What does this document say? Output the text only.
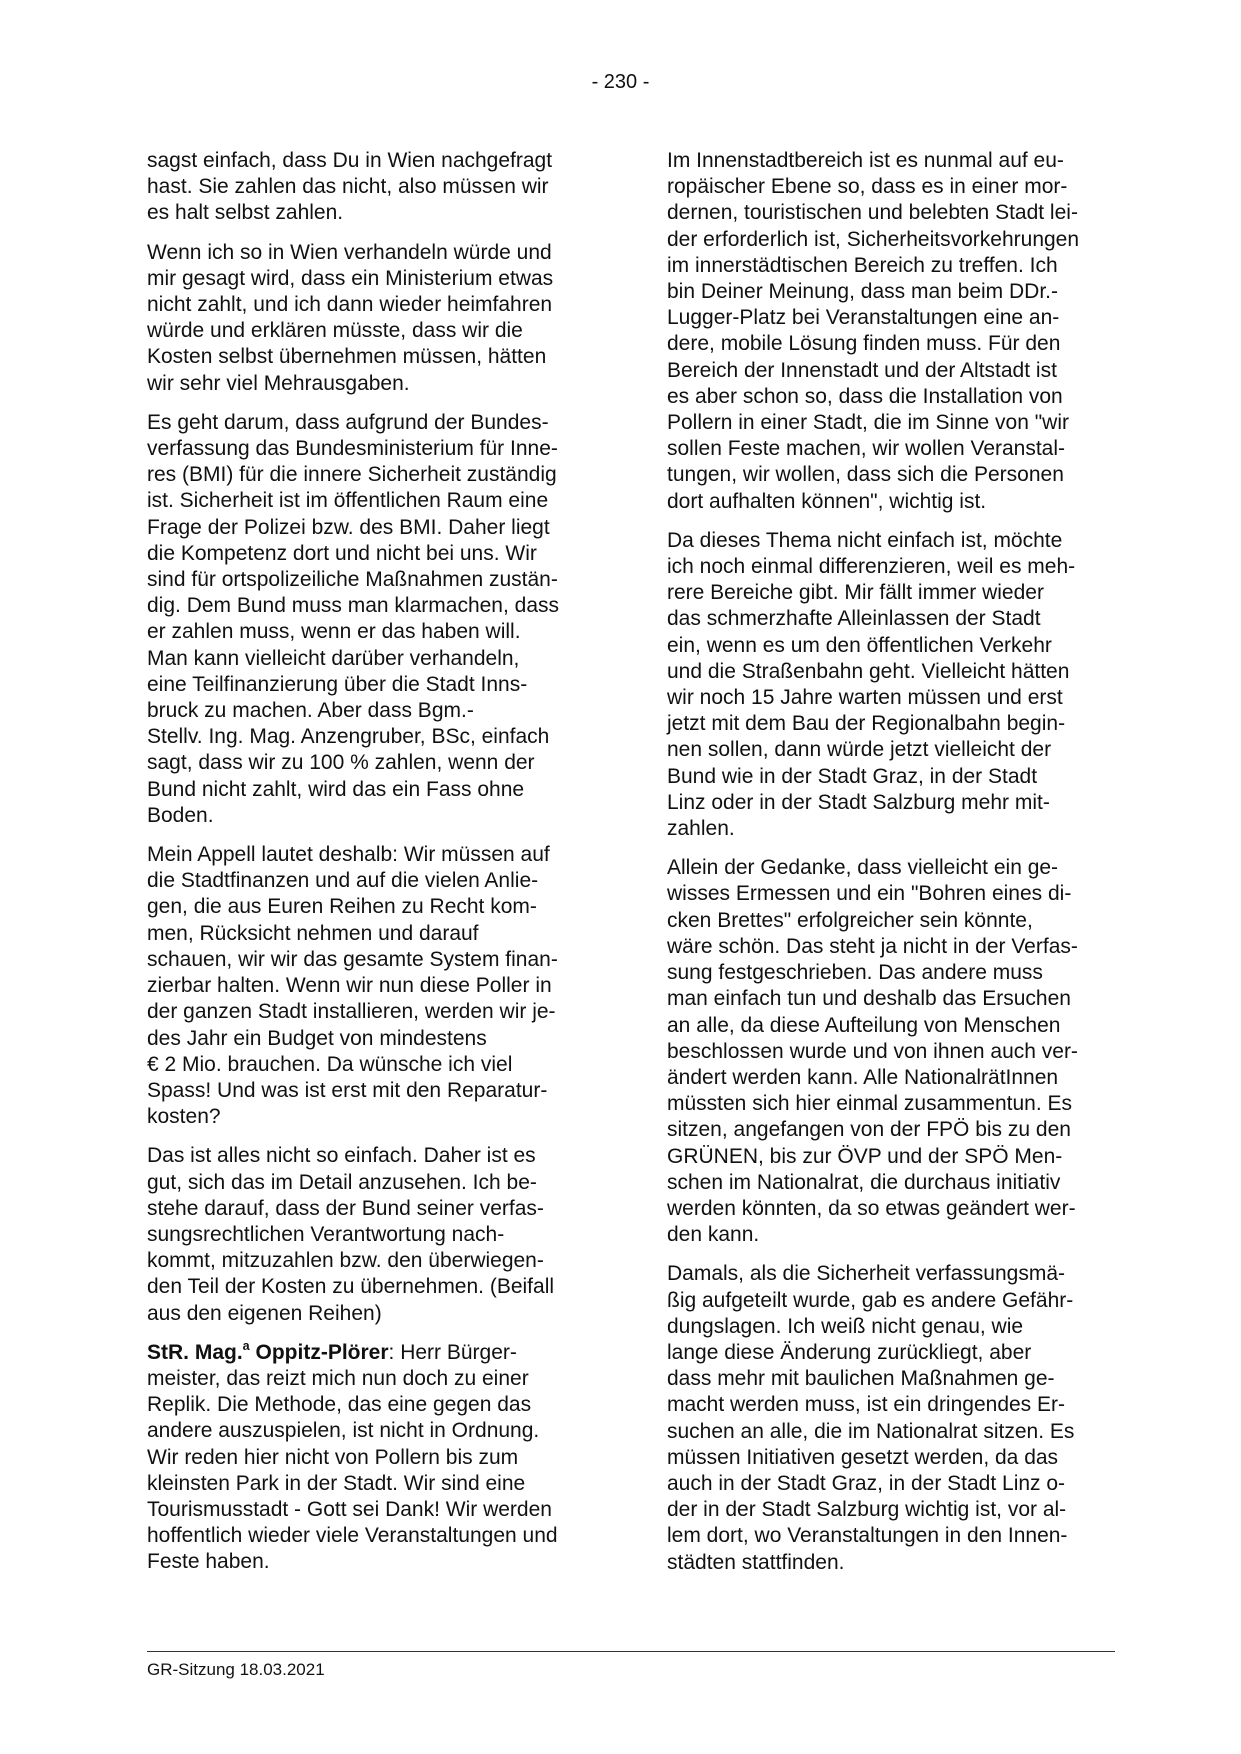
- 230 -

sagst einfach, dass Du in Wien nachgefragt
hast. Sie zahlen das nicht, also müssen wir
es halt selbst zahlen.

Wenn ich so in Wien verhandeln würde und
mir gesagt wird, dass ein Ministerium etwas
nicht zahlt, und ich dann wieder heimfahren
würde und erklären müsste, dass wir die
Kosten selbst übernehmen müssen, hätten
wir sehr viel Mehrausgaben.

Es geht darum, dass aufgrund der Bundes-
verfassung das Bundesministerium für Inne-
res (BMI) für die innere Sicherheit zuständig
ist. Sicherheit ist im öffentlichen Raum eine
Frage der Polizei bzw. des BMI. Daher liegt
die Kompetenz dort und nicht bei uns. Wir
sind für ortspolizeiliche Maßnahmen zustän-
dig. Dem Bund muss man klarmachen, dass
er zahlen muss, wenn er das haben will.
Man kann vielleicht darüber verhandeln,
eine Teilfinanzierung über die Stadt Inns-
bruck zu machen. Aber dass Bgm.-
Stellv. Ing. Mag. Anzengruber, BSc, einfach
sagt, dass wir zu 100 % zahlen, wenn der
Bund nicht zahlt, wird das ein Fass ohne
Boden.

Mein Appell lautet deshalb: Wir müssen auf
die Stadtfinanzen und auf die vielen Anlie-
gen, die aus Euren Reihen zu Recht kom-
men, Rücksicht nehmen und darauf
schauen, wir wir das gesamte System finan-
zierbar halten. Wenn wir nun diese Poller in
der ganzen Stadt installieren, werden wir je-
des Jahr ein Budget von mindestens
€ 2 Mio. brauchen. Da wünsche ich viel
Spass! Und was ist erst mit den Reparatur-
kosten?

Das ist alles nicht so einfach. Daher ist es
gut, sich das im Detail anzusehen. Ich be-
stehe darauf, dass der Bund seiner verfas-
sungsrechtlichen Verantwortung nach-
kommt, mitzuzahlen bzw. den überwiegen-
den Teil der Kosten zu übernehmen. (Beifall
aus den eigenen Reihen)

StR. Mag.$^a$ Oppitz-Plörer: Herr Bürger-
meister, das reizt mich nun doch zu einer
Replik. Die Methode, das eine gegen das
andere auszuspielen, ist nicht in Ordnung.
Wir reden hier nicht von Pollern bis zum
kleinsten Park in der Stadt. Wir sind eine
Tourismusstadt - Gott sei Dank! Wir werden
hoffentlich wieder viele Veranstaltungen und
Feste haben.

Im Innenstadtbereich ist es nunmal auf eu-
ropäischer Ebene so, dass es in einer mor-
dernen, touristischen und belebten Stadt lei-
der erforderlich ist, Sicherheitsvorkehrungen
im innerstädtischen Bereich zu treffen. Ich
bin Deiner Meinung, dass man beim DDr.-
Lugger-Platz bei Veranstaltungen eine an-
dere, mobile Lösung finden muss. Für den
Bereich der Innenstadt und der Altstadt ist
es aber schon so, dass die Installation von
Pollern in einer Stadt, die im Sinne von "wir
sollen Feste machen, wir wollen Veranstal-
tungen, wir wollen, dass sich die Personen
dort aufhalten können", wichtig ist.

Da dieses Thema nicht einfach ist, möchte
ich noch einmal differenzieren, weil es meh-
rere Bereiche gibt. Mir fällt immer wieder
das schmerzhafte Alleinlassen der Stadt
ein, wenn es um den öffentlichen Verkehr
und die Straßenbahn geht. Vielleicht hätten
wir noch 15 Jahre warten müssen und erst
jetzt mit dem Bau der Regionalbahn begin-
nen sollen, dann würde jetzt vielleicht der
Bund wie in der Stadt Graz, in der Stadt
Linz oder in der Stadt Salzburg mehr mit-
zahlen.

Allein der Gedanke, dass vielleicht ein ge-
wisses Ermessen und ein "Bohren eines di-
cken Brettes" erfolgreicher sein könnte,
wäre schön. Das steht ja nicht in der Verfas-
sung festgeschrieben. Das andere muss
man einfach tun und deshalb das Ersuchen
an alle, da diese Aufteilung von Menschen
beschlossen wurde und von ihnen auch ver-
ändert werden kann. Alle NationalrätInnen
müssten sich hier einmal zusammentun. Es
sitzen, angefangen von der FPÖ bis zu den
GRÜNEN, bis zur ÖVP und der SPÖ Men-
schen im Nationalrat, die durchaus initiativ
werden könnten, da so etwas geändert wer-
den kann.

Damals, als die Sicherheit verfassungsmä-
ßig aufgeteilt wurde, gab es andere Gefähr-
dungslagen. Ich weiß nicht genau, wie
lange diese Änderung zurückliegt, aber
dass mehr mit baulichen Maßnahmen ge-
macht werden muss, ist ein dringendes Er-
suchen an alle, die im Nationalrat sitzen. Es
müssen Initiativen gesetzt werden, da das
auch in der Stadt Graz, in der Stadt Linz o-
der in der Stadt Salzburg wichtig ist, vor al-
lem dort, wo Veranstaltungen in den Innen-
städten stattfinden.

GR-Sitzung 18.03.2021
